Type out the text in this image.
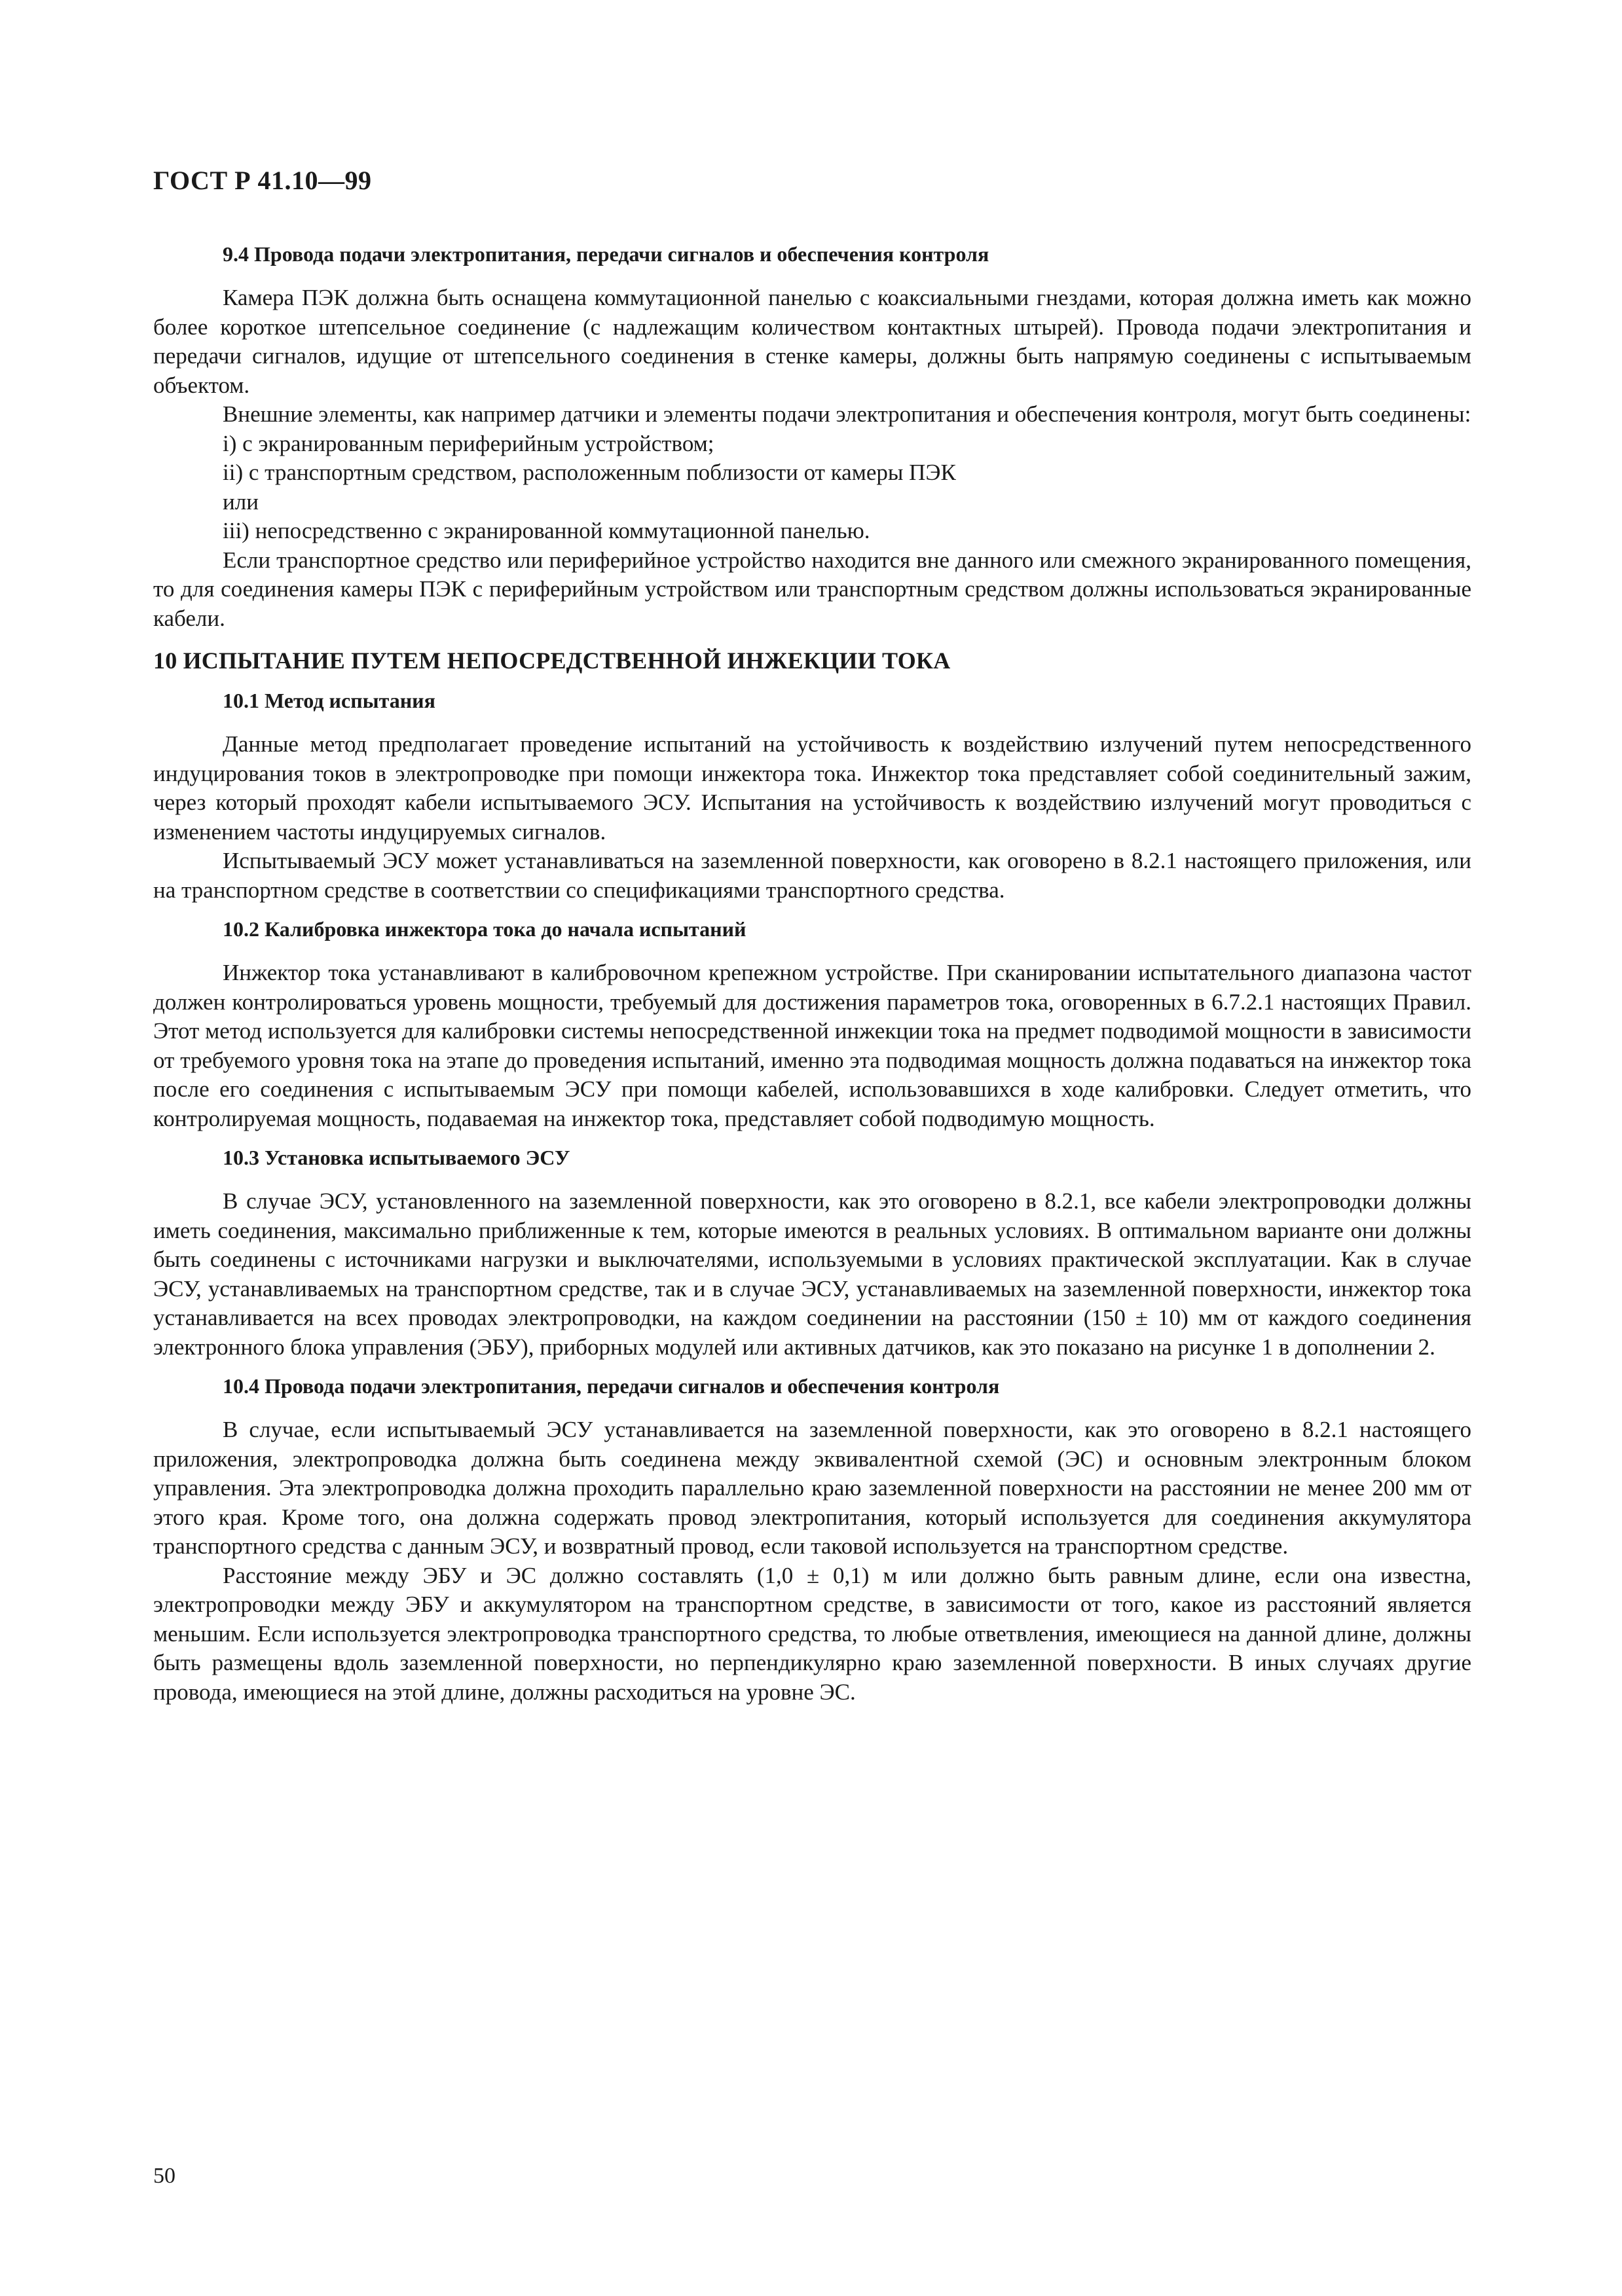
ГОСТ Р 41.10—99
9.4 Провода подачи электропитания, передачи сигналов и обеспечения контроля

Камера ПЭК должна быть оснащена коммутационной панелью с коаксиальными гнездами, которая должна иметь как можно более короткое штепсельное соединение (с надлежащим количеством контактных штырей). Провода подачи электропитания и передачи сигналов, идущие от штепсельного соединения в стенке камеры, должны быть напрямую соединены с испытываемым объектом.

Внешние элементы, как например датчики и элементы подачи электропитания и обеспечения контроля, могут быть соединены:

i) с экранированным периферийным устройством;

ii) с транспортным средством, расположенным поблизости от камеры ПЭК

или

iii) непосредственно с экранированной коммутационной панелью.

Если транспортное средство или периферийное устройство находится вне данного или смежного экранированного помещения, то для соединения камеры ПЭК с периферийным устройством или транспортным средством должны использоваться экранированные кабели.

10 ИСПЫТАНИЕ ПУТЕМ НЕПОСРЕДСТВЕННОЙ ИНЖЕКЦИИ ТОКА
10.1 Метод испытания

Данные метод предполагает проведение испытаний на устойчивость к воздействию излучений путем непосредственного индуцирования токов в электропроводке при помощи инжектора тока. Инжектор тока представляет собой соединительный зажим, через который проходят кабели испытываемого ЭСУ. Испытания на устойчивость к воздействию излучений могут проводиться с изменением частоты индуцируемых сигналов.

Испытываемый ЭСУ может устанавливаться на заземленной поверхности, как оговорено в 8.2.1 настоящего приложения, или на транспортном средстве в соответствии со спецификациями транспортного средства.

10.2 Калибровка инжектора тока до начала испытаний

Инжектор тока устанавливают в калибровочном крепежном устройстве. При сканировании испытательного диапазона частот должен контролироваться уровень мощности, требуемый для достижения параметров тока, оговоренных в 6.7.2.1 настоящих Правил. Этот метод используется для калибровки системы непосредственной инжекции тока на предмет подводимой мощности в зависимости от требуемого уровня тока на этапе до проведения испытаний, именно эта подводимая мощность должна подаваться на инжектор тока после его соединения с испытываемым ЭСУ при помощи кабелей, использовавшихся в ходе калибровки. Следует отметить, что контролируемая мощность, подаваемая на инжектор тока, представляет собой подводимую мощность.

10.3 Установка испытываемого ЭСУ

В случае ЭСУ, установленного на заземленной поверхности, как это оговорено в 8.2.1, все кабели электропроводки должны иметь соединения, максимально приближенные к тем, которые имеются в реальных условиях. В оптимальном варианте они должны быть соединены с источниками нагрузки и выключателями, используемыми в условиях практической эксплуатации. Как в случае ЭСУ, устанавливаемых на транспортном средстве, так и в случае ЭСУ, устанавливаемых на заземленной поверхности, инжектор тока устанавливается на всех проводах электропроводки, на каждом соединении на расстоянии (150 ± 10) мм от каждого соединения электронного блока управления (ЭБУ), приборных модулей или активных датчиков, как это показано на рисунке 1 в дополнении 2.

10.4 Провода подачи электропитания, передачи сигналов и обеспечения контроля

В случае, если испытываемый ЭСУ устанавливается на заземленной поверхности, как это оговорено в 8.2.1 настоящего приложения, электропроводка должна быть соединена между эквивалентной схемой (ЭС) и основным электронным блоком управления. Эта электропроводка должна проходить параллельно краю заземленной поверхности на расстоянии не менее 200 мм от этого края. Кроме того, она должна содержать провод электропитания, который используется для соединения аккумулятора транспортного средства с данным ЭСУ, и возвратный провод, если таковой используется на транспортном средстве.

Расстояние между ЭБУ и ЭС должно составлять (1,0 ± 0,1) м или должно быть равным длине, если она известна, электропроводки между ЭБУ и аккумулятором на транспортном средстве, в зависимости от того, какое из расстояний является меньшим. Если используется электропроводка транспортного средства, то любые ответвления, имеющиеся на данной длине, должны быть размещены вдоль заземленной поверхности, но перпендикулярно краю заземленной поверхности. В иных случаях другие провода, имеющиеся на этой длине, должны расходиться на уровне ЭС.

50
